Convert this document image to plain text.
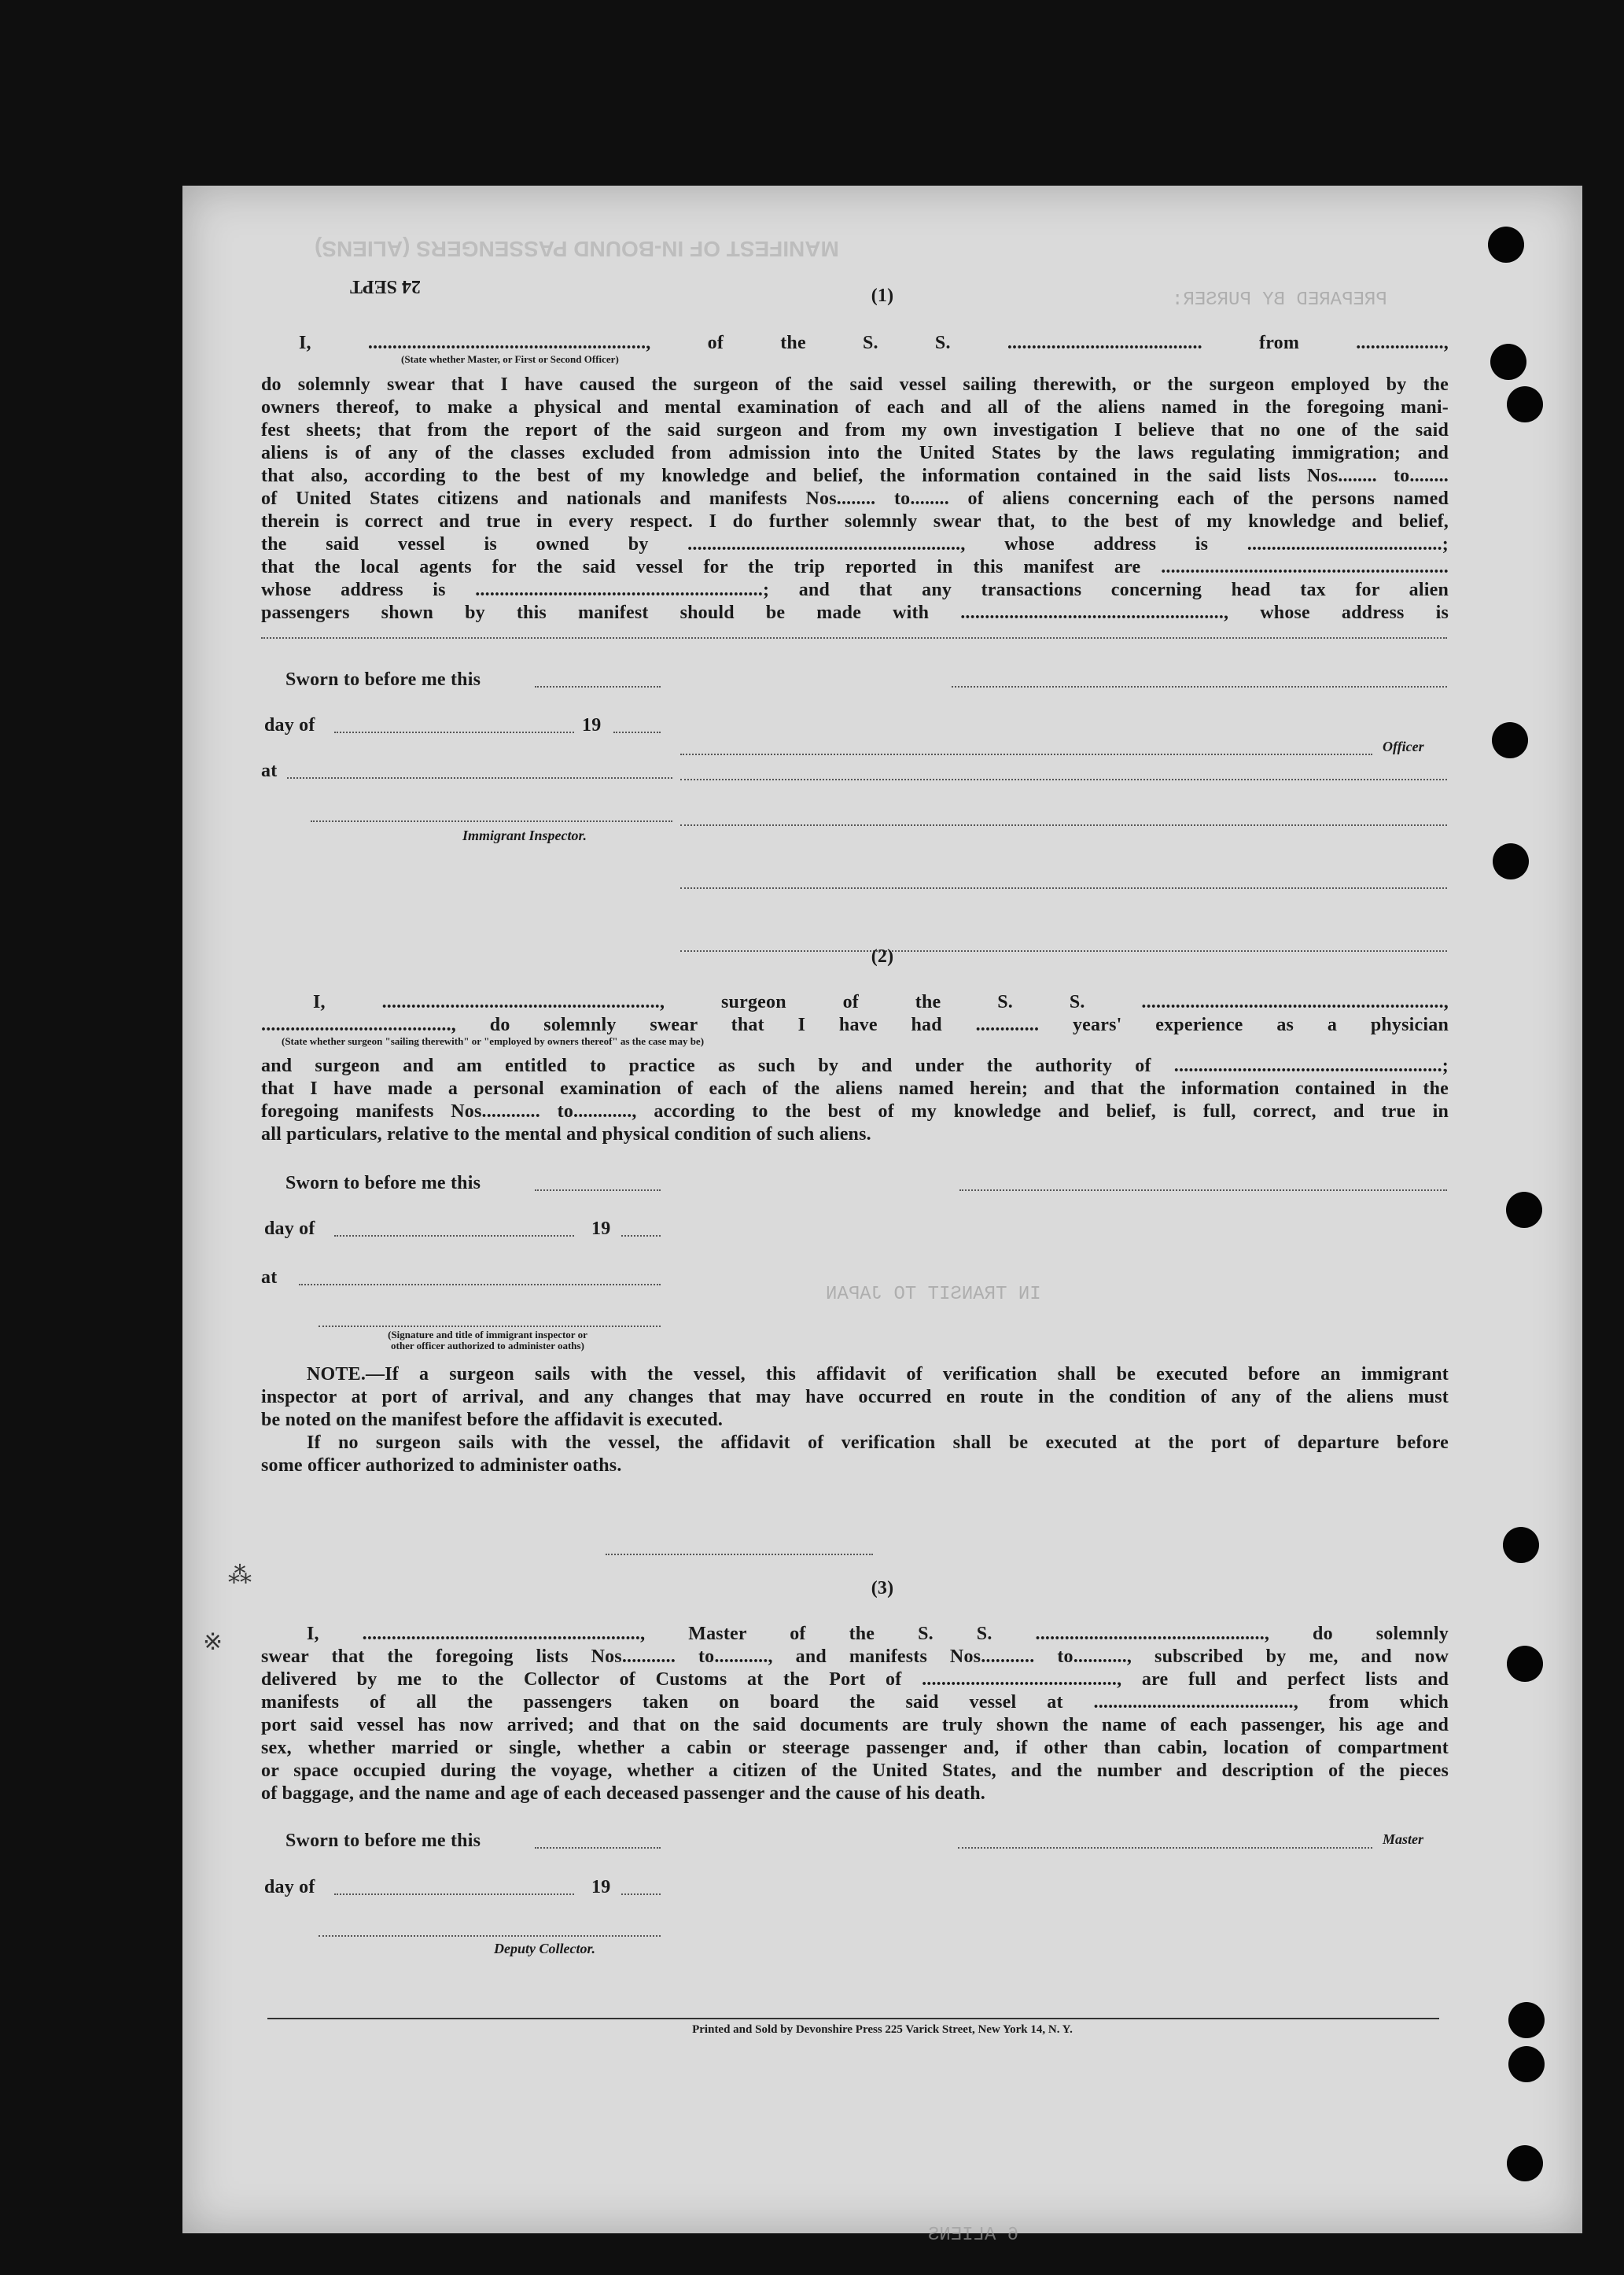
MANIFEST OF IN-BOUND PASSENGERS (ALIENS)
PREPARED BY PURSER:
IN TRANSIT TO JAPAN
6 ALIENS
⁂
※
24 SEPT	(1)
I, ........................................................., of the S. S. ........................................ from ..................,
(State whether Master, or First or Second Officer)
do solemnly swear that I have caused the surgeon of the said vessel sailing therewith, or the surgeon employed by the
owners thereof, to make a physical and mental examination of each and all of the aliens named in the foregoing mani-
fest sheets; that from the report of the said surgeon and from my own investigation I believe that no one of the said
aliens is of any of the classes excluded from admission into the United States by the laws regulating immigration; and
that also, according to the best of my knowledge and belief, the information contained in the said lists Nos........ to........
of United States citizens and nationals and manifests Nos........ to........ of aliens concerning each of the persons named
therein is correct and true in every respect. I do further solemnly swear that, to the best of my knowledge and belief,
the said vessel is owned by ........................................................, whose address is ........................................;
that the local agents for the said vessel for the trip reported in this manifest are ...........................................................
whose address is ...........................................................; and that any transactions concerning head tax for alien
passengers shown by this manifest should be made with ......................................................, whose address is
Sworn to before me this
day of	19
Officer
at
Immigrant Inspector.
(2)
I, ........................................................., surgeon of the S. S. ..............................................................,
......................................., do solemnly swear that I have had ............. years' experience as a physician
(State whether surgeon "sailing therewith" or "employed by owners thereof" as the case may be)
and surgeon and am entitled to practice as such by and under the authority of .......................................................;
that I have made a personal examination of each of the aliens named herein; and that the information contained in the
foregoing manifests Nos............ to............, according to the best of my knowledge and belief, is full, correct, and true in
all particulars, relative to the mental and physical condition of such aliens.
Sworn to before me this
day of	19
at
(Signature and title of immigrant inspector or
other officer authorized to administer oaths)
NOTE.—If a surgeon sails with the vessel, this affidavit of verification shall be executed before an immigrant
inspector at port of arrival, and any changes that may have occurred en route in the condition of any of the aliens must
be noted on the manifest before the affidavit is executed.
If no surgeon sails with the vessel, the affidavit of verification shall be executed at the port of departure before
some officer authorized to administer oaths.
(3)
I, ........................................................., Master of the S. S. ..............................................., do solemnly
swear that the foregoing lists Nos........... to..........., and manifests Nos........... to..........., subscribed by me, and now
delivered by me to the Collector of Customs at the Port of ........................................, are full and perfect lists and
manifests of all the passengers taken on board the said vessel at ........................................., from which
port said vessel has now arrived; and that on the said documents are truly shown the name of each passenger, his age and
sex, whether married or single, whether a cabin or steerage passenger and, if other than cabin, location of compartment
or space occupied during the voyage, whether a citizen of the United States, and the number and description of the pieces
of baggage, and the name and age of each deceased passenger and the cause of his death.
Sworn to before me this	Master
day of	19
Deputy Collector.
Printed and Sold by Devonshire Press 225 Varick Street, New York 14, N. Y.
